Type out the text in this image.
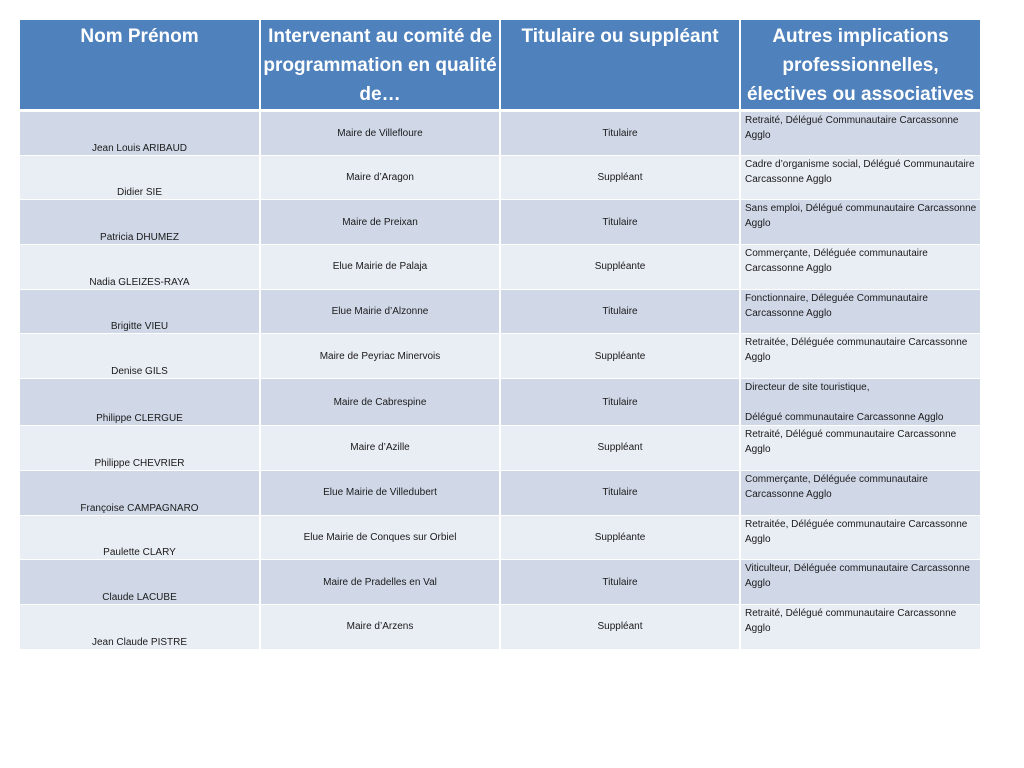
Nom Prénom	Intervenant au comité de programmation en qualité de…	Titulaire ou suppléant	Autres implications professionnelles, électives ou associatives
Jean Louis ARIBAUD	Maire de Villefloure	Titulaire	Retraité, Délégué Communautaire Carcassonne Agglo

Didier SIE	Maire d’Aragon	Suppléant	Cadre d’organisme social, Délégué Communautaire Carcassonne Agglo

Patricia DHUMEZ	Maire de Preixan	Titulaire	Sans emploi, Délégué communautaire Carcassonne Agglo

Nadia GLEIZES-RAYA	Elue Mairie de Palaja	Suppléante	Commerçante, Déléguée communautaire Carcassonne Agglo

Brigitte VIEU	Elue Mairie d’Alzonne	Titulaire	Fonctionnaire, Déleguée Communautaire Carcassonne Agglo

Denise GILS	Maire de Peyriac Minervois	Suppléante	Retraitée, Déléguée communautaire Carcassonne Agglo

Philippe CLERGUE	Maire de Cabrespine	Titulaire	Directeur de site touristique,
Délégué communautaire Carcassonne Agglo

Philippe CHEVRIER	Maire d’Azille	Suppléant	Retraité, Délégué communautaire Carcassonne Agglo

Françoise CAMPAGNARO	Elue Mairie de Villedubert	Titulaire	Commerçante, Déléguée communautaire Carcassonne Agglo

Paulette CLARY	Elue Mairie de Conques sur Orbiel	Suppléante	Retraitée, Déléguée communautaire Carcassonne Agglo

Claude LACUBE	Maire de Pradelles en Val	Titulaire	Viticulteur, Déléguée communautaire Carcassonne Agglo

Jean Claude PISTRE	Maire d’Arzens	Suppléant	Retraité, Délégué communautaire Carcassonne Agglo
